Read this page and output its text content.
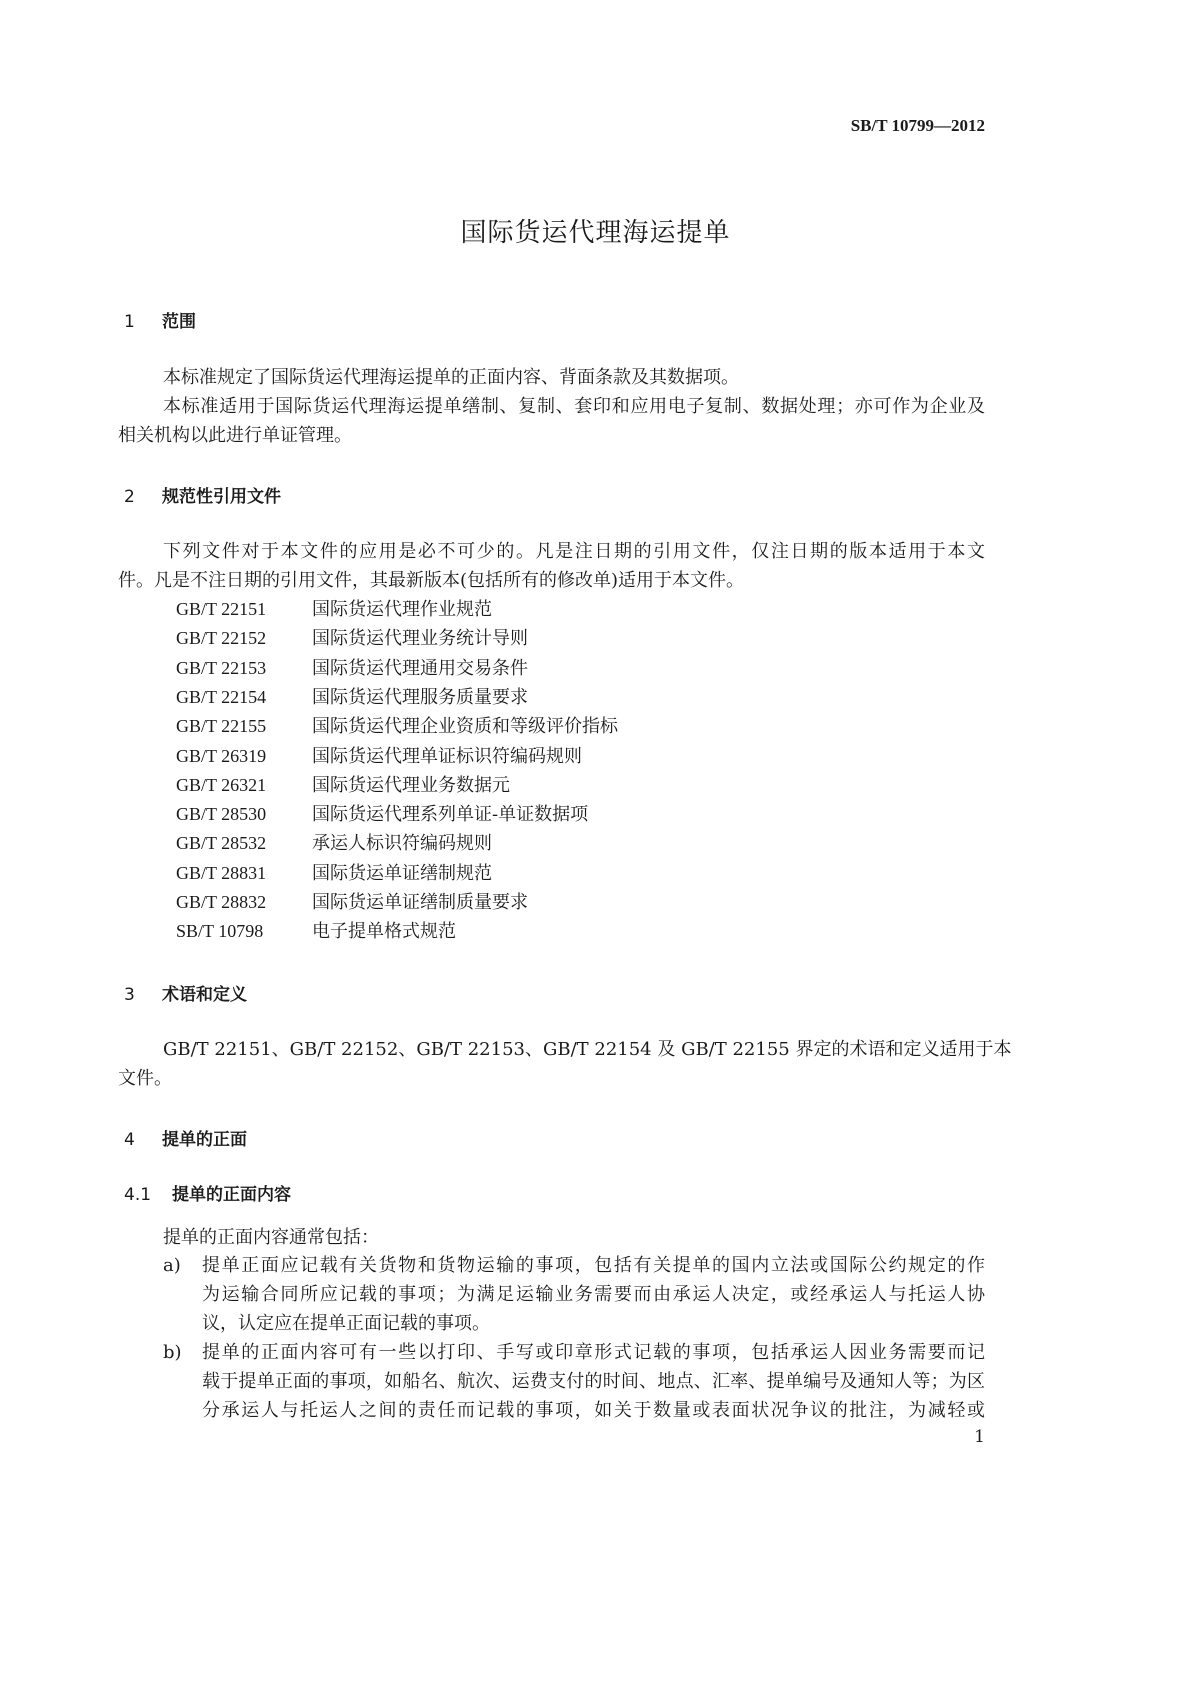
SB/T 10799—2012
国际货运代理海运提单
1 范围
本标准规定了国际货运代理海运提单的正面内容、背面条款及其数据项。
本标准适用于国际货运代理海运提单缮制、复制、套印和应用电子复制、数据处理；亦可作为企业及
相关机构以此进行单证管理。
2 规范性引用文件
下列文件对于本文件的应用是必不可少的。凡是注日期的引用文件，仅注日期的版本适用于本文
件。凡是不注日期的引用文件，其最新版本(包括所有的修改单)适用于本文件。
GB/T 22151	国际货运代理作业规范
GB/T 22152	国际货运代理业务统计导则
GB/T 22153	国际货运代理通用交易条件
GB/T 22154	国际货运代理服务质量要求
GB/T 22155	国际货运代理企业资质和等级评价指标
GB/T 26319	国际货运代理单证标识符编码规则
GB/T 26321	国际货运代理业务数据元
GB/T 28530	国际货运代理系列单证-单证数据项
GB/T 28532	承运人标识符编码规则
GB/T 28831	国际货运单证缮制规范
GB/T 28832	国际货运单证缮制质量要求
SB/T 10798	电子提单格式规范
3 术语和定义
GB/T 22151、GB/T 22152、GB/T 22153、GB/T 22154 及 GB/T 22155 界定的术语和定义适用于本
文件。
4 提单的正面
4.1 提单的正面内容
提单的正面内容通常包括：
a) 提单正面应记载有关货物和货物运输的事项，包括有关提单的国内立法或国际公约规定的作
为运输合同所应记载的事项；为满足运输业务需要而由承运人决定，或经承运人与托运人协
议，认定应在提单正面记载的事项。
b) 提单的正面内容可有一些以打印、手写或印章形式记载的事项，包括承运人因业务需要而记
载于提单正面的事项，如船名、航次、运费支付的时间、地点、汇率、提单编号及通知人等；为区
分承运人与托运人之间的责任而记载的事项，如关于数量或表面状况争议的批注，为减轻或
1
